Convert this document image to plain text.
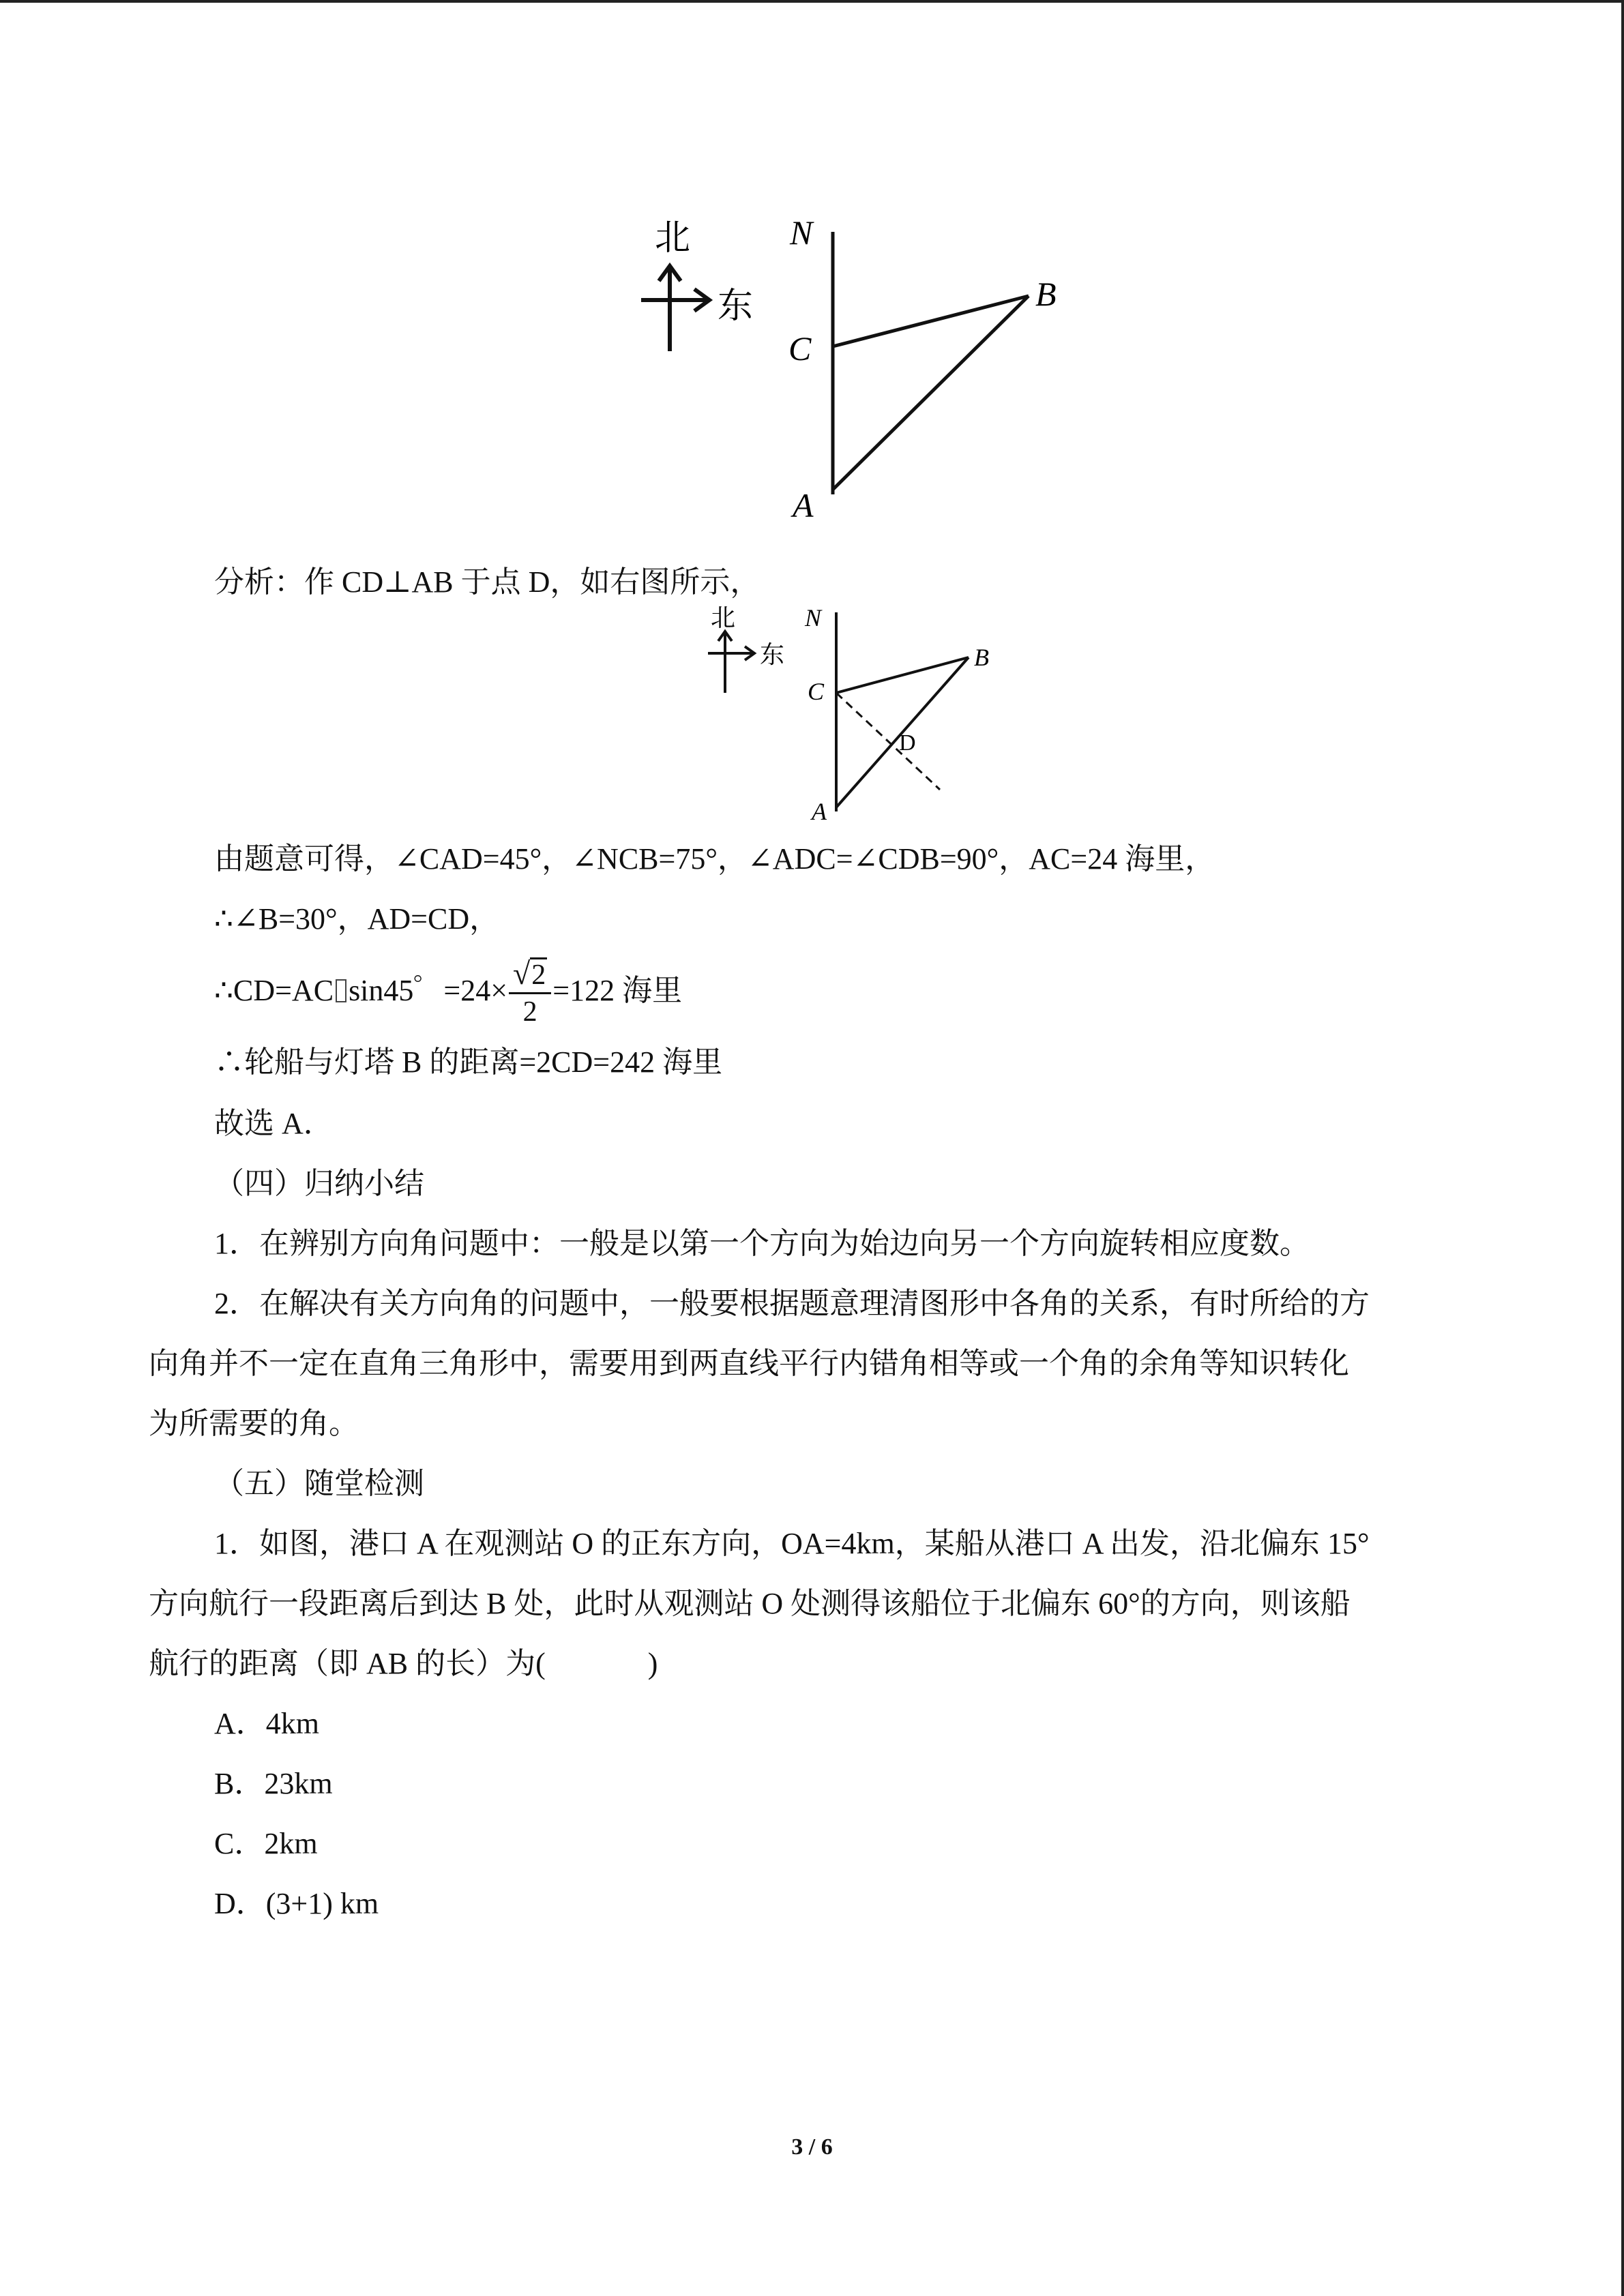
北
东
N
B
C
A
分析：作 CD⊥AB 于点 D，如右图所示，
北
东
N
B
C
D
A
由题意可得，∠CAD=45°，∠NCB=75°，∠ADC=∠CDB=90°，AC=24 海里，
∴∠B=30°，AD=CD，
∴CD=AC sin45゜$=24\times \frac{√2}{2} =122$ 海里
∴轮船与灯塔 B 的距离=2CD=242 海里
故选 A．
（四）归纳小结
1．在辨别方向角问题中：一般是以第一个方向为始边向另一个方向旋转相应度数。
2．在解决有关方向角的问题中，一般要根据题意理清图形中各角的关系，有时所给的方
向角并不一定在直角三角形中，需要用到两直线平行内错角相等或一个角的余角等知识转化
为所需要的角。
（五）随堂检测
1．如图，港口 A 在观测站 O 的正东方向，OA=4km，某船从港口 A 出发，沿北偏东 15°
方向航行一段距离后到达 B 处，此时从观测站 O 处测得该船位于北偏东 60°的方向，则该船
航行的距离（即 AB 的长）为(	)
A．4km
B．23km
C．2km
D．(3+1) km
3 / 6
